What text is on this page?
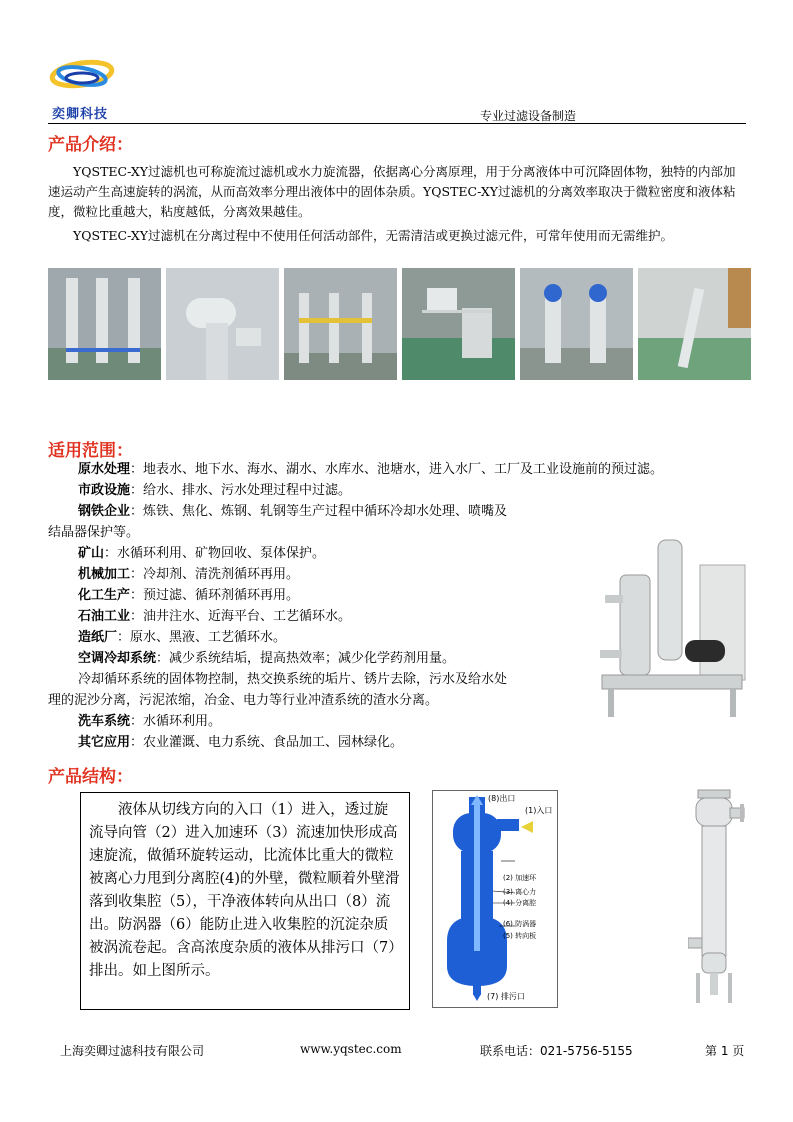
奕卿科技	专业过滤设备制造
产品介绍：
YQSTEC-XY过滤机也可称旋流过滤机或水力旋流器，依据离心分离原理，用于分离液体中可沉降固体物，独特的内部加速运动产生高速旋转的涡流，从而高效率分理出液体中的固体杂质。YQSTEC-XY过滤机的分离效率取决于微粒密度和液体粘度，微粒比重越大，粘度越低，分离效果越佳。
YQSTEC-XY过滤机在分离过程中不使用任何活动部件，无需清洁或更换过滤元件，可常年使用而无需维护。
适用范围：
原水处理：地表水、地下水、海水、湖水、水库水、池塘水，进入水厂、工厂及工业设施前的预过滤。
市政设施：给水、排水、污水处理过程中过滤。
钢铁企业：炼铁、焦化、炼钢、轧钢等生产过程中循环冷却水处理、喷嘴及
结晶器保护等。
矿山：水循环利用、矿物回收、泵体保护。
机械加工：冷却剂、清洗剂循环再用。
化工生产：预过滤、循环剂循环再用。
石油工业：油井注水、近海平台、工艺循环水。
造纸厂：原水、黑液、工艺循环水。
空调冷却系统：减少系统结垢，提高热效率；减少化学药剂用量。
冷却循环系统的固体物控制，热交换系统的垢片、锈片去除，污水及给水处
理的泥沙分离，污泥浓缩，冶金、电力等行业冲渣系统的渣水分离。
洗车系统：水循环利用。
其它应用：农业灌溉、电力系统、食品加工、园林绿化。
产品结构：
液体从切线方向的入口（1）进入，透过旋流导向管（2）进入加速环（3）流速加快形成高速旋流，做循环旋转运动，比流体比重大的微粒被离心力甩到分离腔(4)的外壁，微粒顺着外壁滑落到收集腔（5），干净液体转向从出口（8）流出。防涡器（6）能防止进入收集腔的沉淀杂质被涡流卷起。含高浓度杂质的液体从排污口（7）排出。如上图所示。
(8)出口
(1)入口
(2) 加速环
(3) 离心力
(4) 分离腔
(6) 防涡器
(5) 转向板
(7) 排污口
上海奕卿过滤科技有限公司	www.yqstec.com	联系电话：021-5756-5155	第 1 页
